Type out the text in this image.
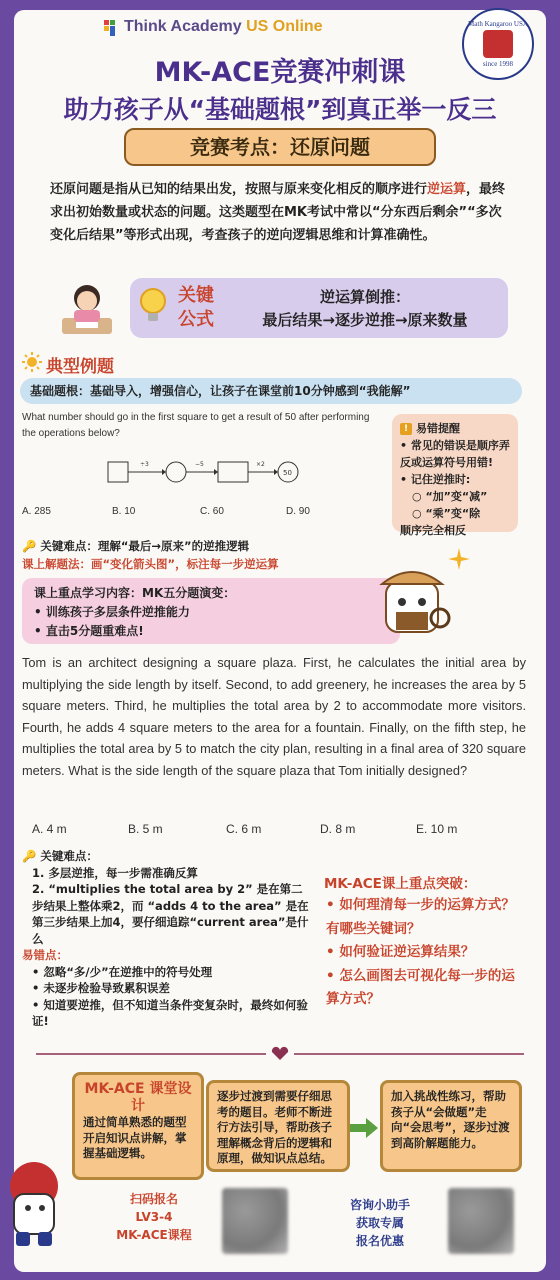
Think Academy US Online	Math Kangaroo USA
since 1998
MK-ACE竞赛冲刺课
助力孩子从“基础题根”到真正举一反三
竞赛考点：还原问题
还原问题是指从已知的结果出发，按照与原来变化相反的顺序进行逆运算，最终求出初始数量或状态的问题。这类题型在MK考试中常以“分东西后剩余”“多次变化后结果”等形式出现，考查孩子的逆向逻辑思维和计算准确性。
关键
公式
逆运算倒推：
最后结果→逐步逆推→原来数量
典型例题
基础题根：基础导入，增强信心，让孩子在课堂前10分钟感到“我能解”
What number should go in the first square to get a result of 50 after performing the operations below?
÷3	−5	×2
50
A. 285	B. 10	C. 60	D. 90
! 易错提醒
• 常见的错误是顺序弄反或运算符号用错!
• 记住逆推时:
○ “加”变“减”
○ “乘”变“除
顺序完全相反
🔑 关键难点：理解“最后→原来”的逆推逻辑
课上解题法：画“变化箭头图”，标注每一步逆运算
课上重点学习内容：MK五分题演变：
• 训练孩子多层条件逆推能力
• 直击5分题重难点!
Tom is an architect designing a square plaza. First, he calculates the initial area by multiplying the side length by itself. Second, to add greenery, he increases the area by 5 square meters. Third, he multiplies the total area by 2 to accommodate more visitors. Fourth, he adds 4 square meters to the area for a fountain. Finally, on the fifth step, he multiplies the total area by 5 to match the city plan, resulting in a final area of 320 square meters. What is the side length of the square plaza that Tom initially designed?
A. 4 m	B. 5 m	C. 6 m	D. 8 m	E. 10 m
🔑 关键难点：
1. 多层逆推，每一步需准确反算
2. “multiplies the total area by 2” 是在第二步结果上整体乘2，而 “adds 4 to the area” 是在第三步结果上加4，要仔细追踪“current area”是什么
易错点：
• 忽略“多/少”在逆推中的符号处理
• 未逐步检验导致累积误差
• 知道要逆推，但不知道当条件变复杂时，最终如何验证!
MK-ACE课上重点突破：
• 如何理清每一步的运算方式？有哪些关键词？
• 如何验证逆运算结果？
• 怎么画图去可视化每一步的运算方式？
MK-ACE 课堂设计
通过简单熟悉的题型开启知识点讲解，掌握基础逻辑。
逐步过渡到需要仔细思考的题目。老师不断进行方法引导，帮助孩子理解概念背后的逻辑和原理，做知识点总结。
加入挑战性练习，帮助孩子从“会做题”走向“会思考”，逐步过渡到高阶解题能力。
扫码报名
LV3-4
MK-ACE课程
咨询小助手
获取专属
报名优惠
